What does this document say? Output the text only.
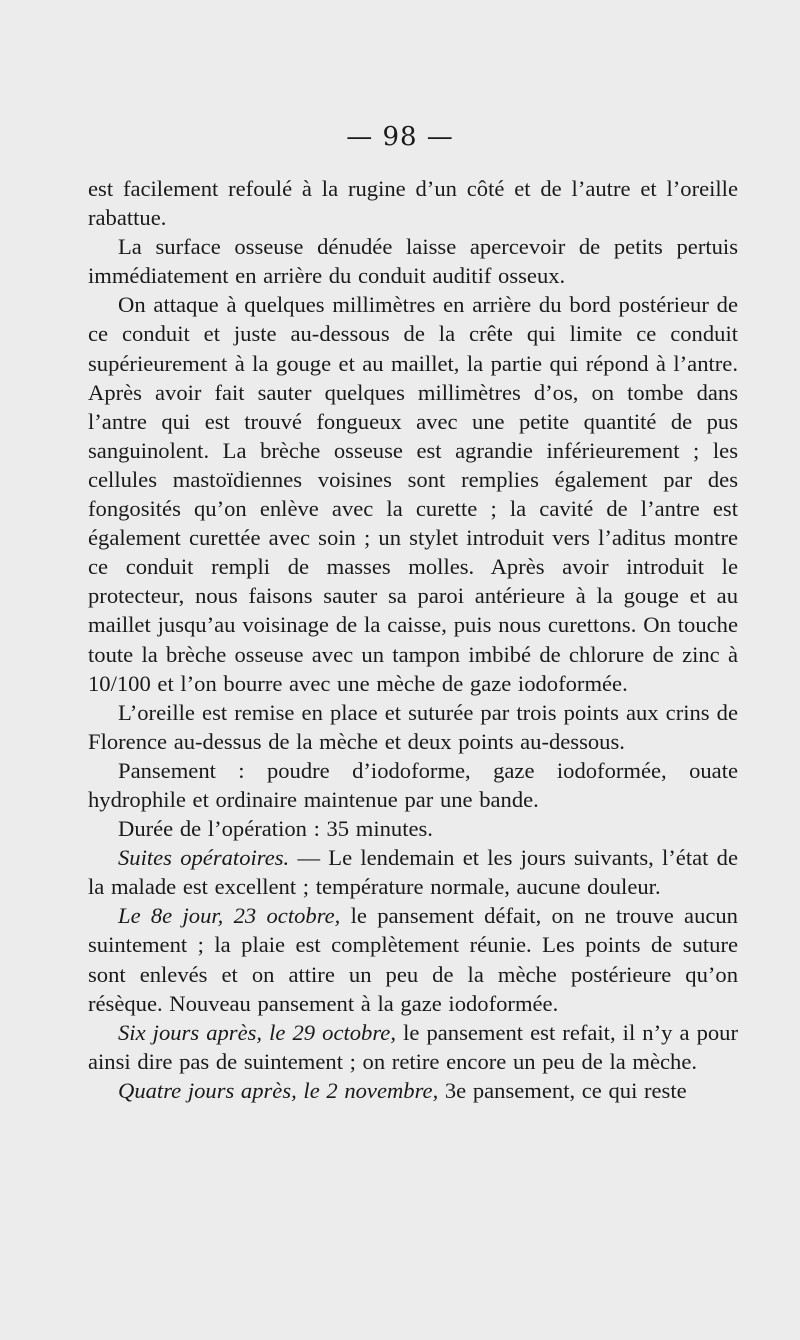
— 98 —

est facilement refoulé à la rugine d’un côté et de l’autre et l’oreille rabattue.

La surface osseuse dénudée laisse apercevoir de petits pertuis immédiatement en arrière du conduit auditif osseux.

On attaque à quelques millimètres en arrière du bord postérieur de ce conduit et juste au-dessous de la crête qui limite ce conduit supérieurement à la gouge et au maillet, la partie qui répond à l’antre. Après avoir fait sauter quelques millimètres d’os, on tombe dans l’antre qui est trouvé fongueux avec une petite quantité de pus sanguinolent. La brèche osseuse est agrandie inférieurement ; les cellules mastoïdiennes voisines sont remplies également par des fongosités qu’on enlève avec la curette ; la cavité de l’antre est également curettée avec soin ; un stylet introduit vers l’aditus montre ce conduit rempli de masses molles. Après avoir introduit le protecteur, nous faisons sauter sa paroi antérieure à la gouge et au maillet jusqu’au voisinage de la caisse, puis nous curettons. On touche toute la brèche osseuse avec un tampon imbibé de chlorure de zinc à 10/100 et l’on bourre avec une mèche de gaze iodoformée.

L’oreille est remise en place et suturée par trois points aux crins de Florence au-dessus de la mèche et deux points au-dessous.

Pansement : poudre d’iodoforme, gaze iodoformée, ouate hydrophile et ordinaire maintenue par une bande.

Durée de l’opération : 35 minutes.

Suites opératoires. — Le lendemain et les jours suivants, l’état de la malade est excellent ; température normale, aucune douleur.

Le 8e jour, 23 octobre, le pansement défait, on ne trouve aucun suintement ; la plaie est complètement réunie. Les points de suture sont enlevés et on attire un peu de la mèche postérieure qu’on résèque. Nouveau pansement à la gaze iodoformée.

Six jours après, le 29 octobre, le pansement est refait, il n’y a pour ainsi dire pas de suintement ; on retire encore un peu de la mèche.

Quatre jours après, le 2 novembre, 3e pansement, ce qui reste
